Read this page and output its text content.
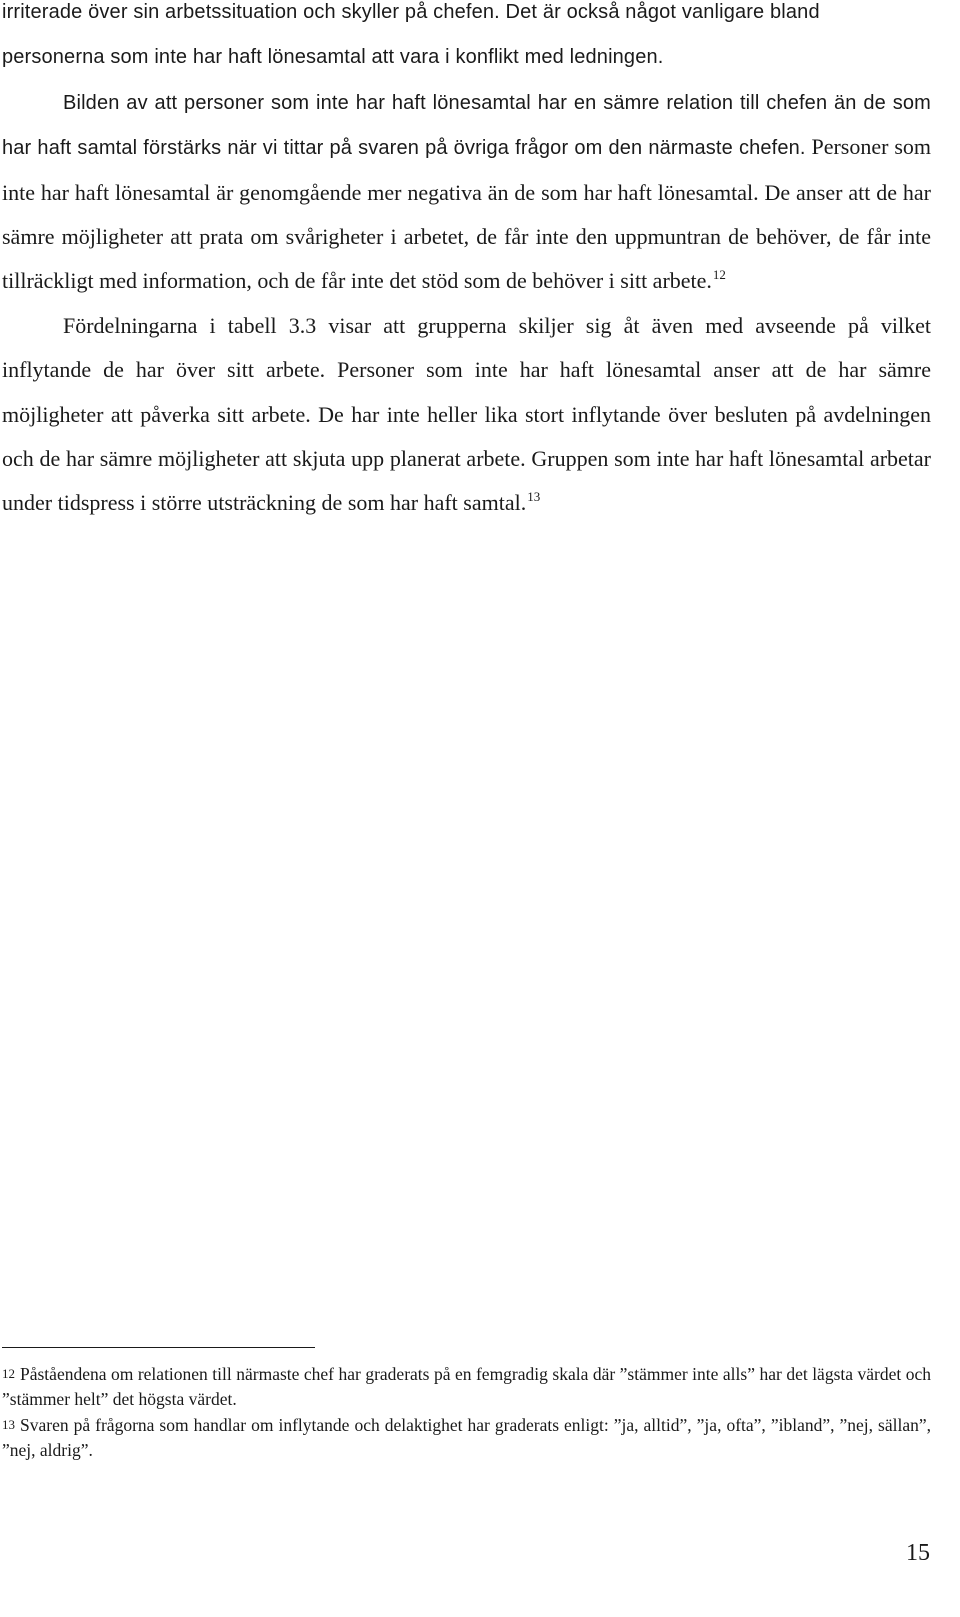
irriterade över sin arbetssituation och skyller på chefen. Det är också något vanligare bland
personerna som inte har haft lönesamtal att vara i konflikt med ledningen.

Bilden av att personer som inte har haft lönesamtal har en sämre relation till chefen än de som har haft samtal förstärks när vi tittar på svaren på övriga frågor om den närmaste chefen. Personer som inte har haft lönesamtal är genomgående mer negativa än de som har haft lönesamtal. De anser att de har sämre möjligheter att prata om svårigheter i arbetet, de får inte den uppmuntran de behöver, de får inte tillräckligt med information, och de får inte det stöd som de behöver i sitt arbete.$^{12}$

Fördelningarna i tabell 3.3 visar att grupperna skiljer sig åt även med avseende på vilket inflytande de har över sitt arbete. Personer som inte har haft lönesamtal anser att de har sämre möjligheter att påverka sitt arbete. De har inte heller lika stort inflytande över besluten på avdelningen och de har sämre möjligheter att skjuta upp planerat arbete. Gruppen som inte har haft lönesamtal arbetar under tidspress i större utsträckning de som har haft samtal.$^{13}$

12 Påståendena om relationen till närmaste chef har graderats på en femgradig skala där ”stämmer inte alls” har det lägsta värdet och ”stämmer helt” det högsta värdet.

13 Svaren på frågorna som handlar om inflytande och delaktighet har graderats enligt: ”ja, alltid”, ”ja, ofta”, ”ibland”, ”nej, sällan”, ”nej, aldrig”.

15
